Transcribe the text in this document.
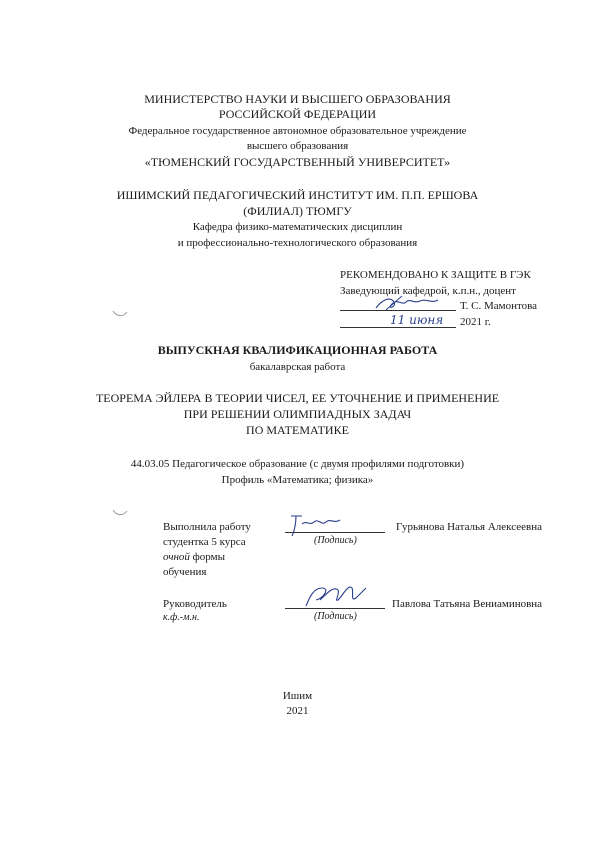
МИНИСТЕРСТВО НАУКИ И ВЫСШЕГО ОБРАЗОВАНИЯ
РОССИЙСКОЙ ФЕДЕРАЦИИ
Федеральное государственное автономное образовательное учреждение
высшего образования
«ТЮМЕНСКИЙ ГОСУДАРСТВЕННЫЙ УНИВЕРСИТЕТ»
ИШИМСКИЙ ПЕДАГОГИЧЕСКИЙ ИНСТИТУТ ИМ. П.П. ЕРШОВА
(ФИЛИАЛ) ТЮМГУ
Кафедра физико-математических дисциплин
и профессионально-технологического образования
РЕКОМЕНДОВАНО К ЗАЩИТЕ В ГЭК
Заведующий кафедрой, к.п.н., доцент
Т. С. Мамонтова
11 июня 2021 г.
ВЫПУСКНАЯ КВАЛИФИКАЦИОННАЯ РАБОТА
бакалаврская работа
ТЕОРЕМА ЭЙЛЕРА В ТЕОРИИ ЧИСЕЛ, ЕЕ УТОЧНЕНИЕ И ПРИМЕНЕНИЕ
ПРИ РЕШЕНИИ ОЛИМПИАДНЫХ ЗАДАЧ
ПО МАТЕМАТИКЕ
44.03.05 Педагогическое образование (с двумя профилями подготовки)
Профиль «Математика; физика»
Выполнила работу
студентка 5 курса
очной формы
обучения
(Подпись)
Гурьянова Наталья Алексеевна
Руководитель
к.ф.-м.н.	(Подпись)
Павлова Татьяна Вениаминовна
Ишим
2021
